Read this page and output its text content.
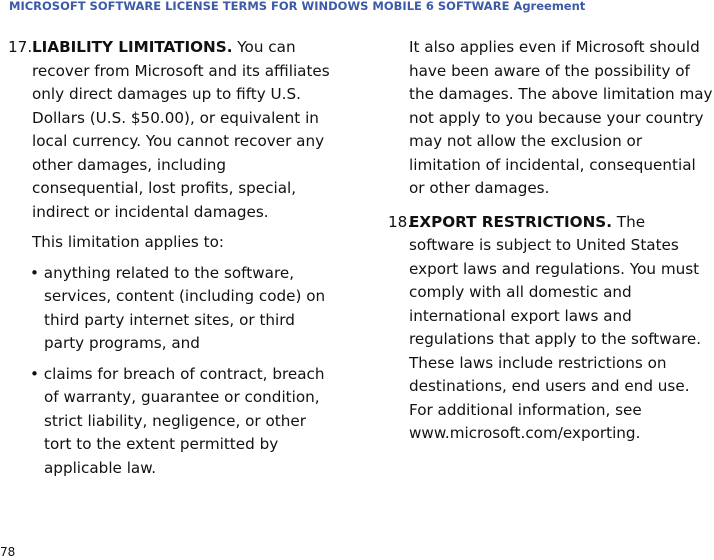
MICROSOFT SOFTWARE LICENSE TERMS FOR WINDOWS MOBILE 6 SOFTWARE Agreement
17. LIABILITY LIMITATIONS. You can recover from Microsoft and its affiliates only direct damages up to fifty U.S. Dollars (U.S. $50.00), or equivalent in local currency. You cannot recover any other damages, including consequential, lost profits, special, indirect or incidental damages.
This limitation applies to:
• anything related to the software, services, content (including code) on third party internet sites, or third party programs, and
• claims for breach of contract, breach of warranty, guarantee or condition, strict liability, negligence, or other tort to the extent permitted by applicable law.
It also applies even if Microsoft should have been aware of the possibility of the damages. The above limitation may not apply to you because your country may not allow the exclusion or limitation of incidental, consequential or other damages.
18.
EXPORT RESTRICTIONS. The software is subject to United States export laws and regulations. You must comply with all domestic and international export laws and regulations that apply to the software. These laws include restrictions on destinations, end users and end use. For additional information, see www.microsoft.com/exporting.
78
